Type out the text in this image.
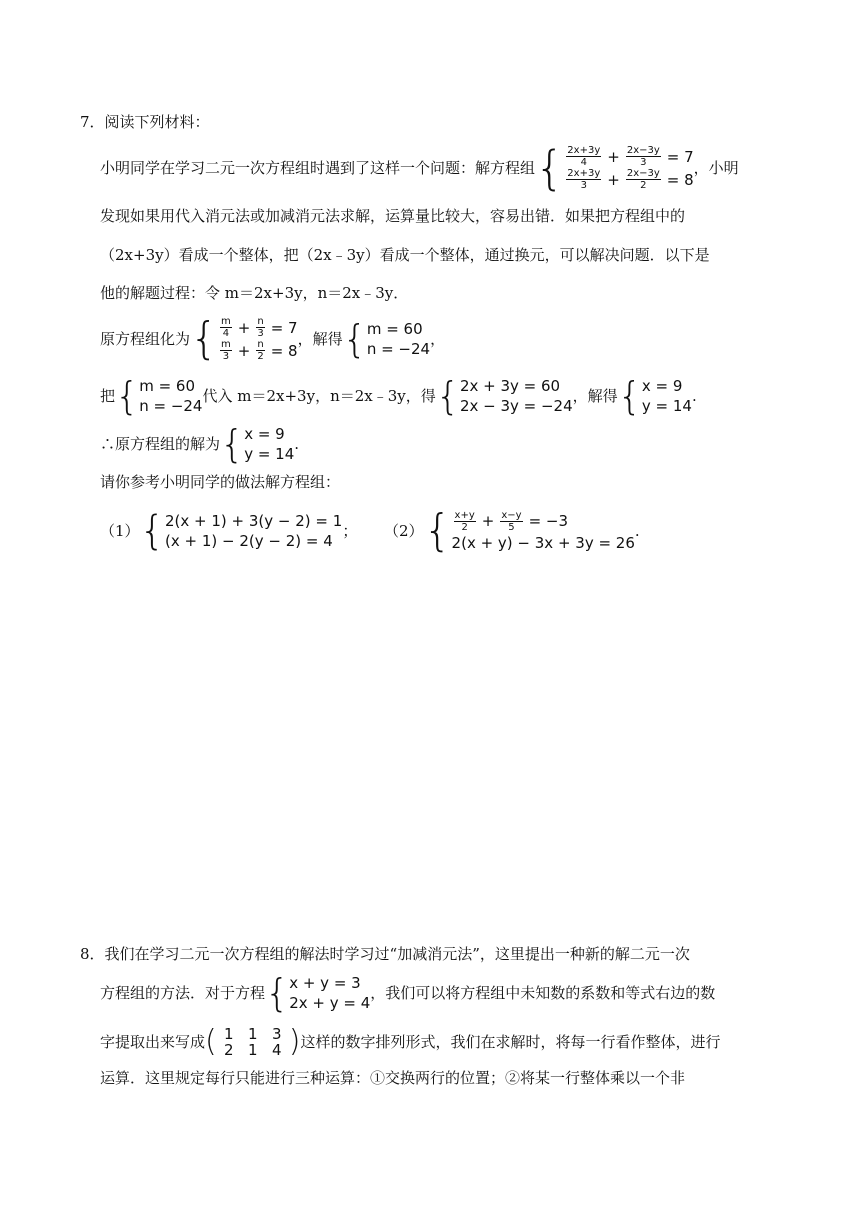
7．阅读下列材料：
小明同学在学习二元一次方程组时遇到了这样一个问题：解方程组 { $\frac{2x+3y}{4} + \frac{2x-3y}{3} = 7$
$\frac{2x+3y}{3} + \frac{2x-3y}{2} = 8$
，小明
发现如果用代入消元法或加减消元法求解，运算量比较大，容易出错．如果把方程组中的
（2x+3y）看成一个整体，把（2x﹣3y）看成一个整体，通过换元，可以解决问题．以下是
他的解题过程：令 m＝2x+3y，n＝2x﹣3y．
原方程组化为 { $\frac{m}{4} + \frac{n}{3} = 7$
$\frac{m}{3} + \frac{n}{2} = 8$
，解得 { m = 60
n = −24
，
把 { m = 60
n = −24
代入 m＝2x+3y，n＝2x﹣3y，得 { 2x + 3y = 60
2x − 3y = −24
，解得 { x = 9
y = 14
.
∴原方程组的解为 { x = 9
y = 14
.
请你参考小明同学的做法解方程组：
（1） { 2(x + 1) + 3(y − 2) = 1
(x + 1) − 2(y − 2) = 4
； （2） { $\frac{x+y}{2} + \frac{x-y}{5} = -3$
2(x + y) − 3x + 3y = 26
.
8．我们在学习二元一次方程组的解法时学习过“加减消元法”，这里提出一种新的解二元一次
方程组的方法．对于方程 { x + y = 3
2x + y = 4
，我们可以将方程组中未知数的系数和等式右边的数
字提取出来写成 ( 1 1 3
2 1 4 ) 这样的数字排列形式，我们在求解时，将每一行看作整体，进行
运算．这里规定每行只能进行三种运算：①交换两行的位置；②将某一行整体乘以一个非
